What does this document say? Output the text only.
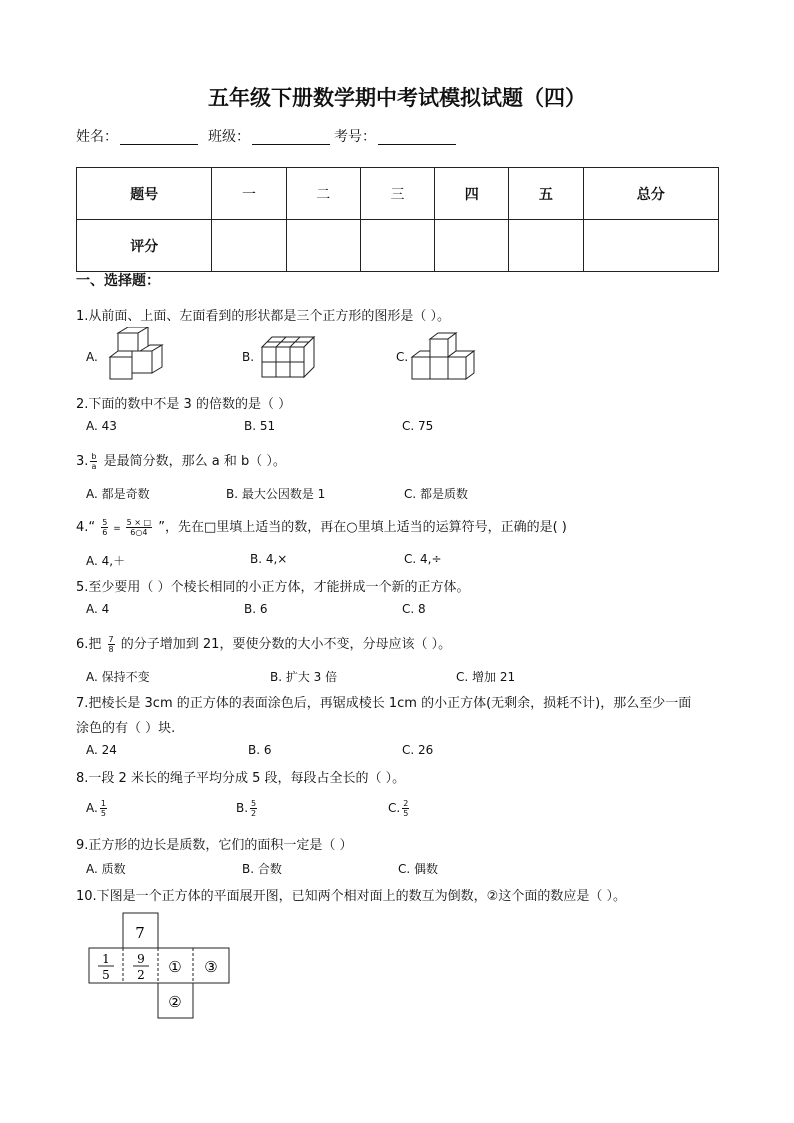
五年级下册数学期中考试模拟试题（四）
姓名：	班级：	考号：
题号	一	二	三	四	五	总分
评分						
一、选择题：
1.从前面、上面、左面看到的形状都是三个正方形的图形是（ ）。
A.	B.	C.
2.下面的数中不是 3 的倍数的是（ ）
A. 43	B. 51	C. 75
3. $\frac{b}{a}$ 是最简分数，那么 a 和 b（ ）。
A. 都是奇数	B. 最大公因数是 1	C. 都是质数
4.“ $\frac{5}{6} = \frac{5 \times □}{6○4}$ ”，先在□里填上适当的数，再在○里填上适当的运算符号，正确的是( )
A. 4,＋	B. 4,×	C. 4,÷
5.至少要用（ ）个棱长相同的小正方体，才能拼成一个新的正方体。
A. 4	B. 6	C. 8
6.把 $\frac{7}{8}$ 的分子增加到 21，要使分数的大小不变，分母应该（ ）。
A. 保持不变	B. 扩大 3 倍	C. 增加 21
7.把棱长是 3cm 的正方体的表面涂色后，再锯成棱长 1cm 的小正方体(无剩余，损耗不计)，那么至少一面
涂色的有（ ）块.
A. 24	B. 6	C. 26
8.一段 2 米长的绳子平均分成 5 段，每段占全长的（ ）。
A. $\frac{1}{5}$	B. $\frac{5}{2}$	C. $\frac{2}{5}$
9.正方形的边长是质数，它们的面积一定是（ ）
A. 质数	B. 合数	C. 偶数
10.下图是一个正方体的平面展开图，已知两个相对面上的数互为倒数，②这个面的数应是（ ）。
7
1
5
9
2 ① ③
②
